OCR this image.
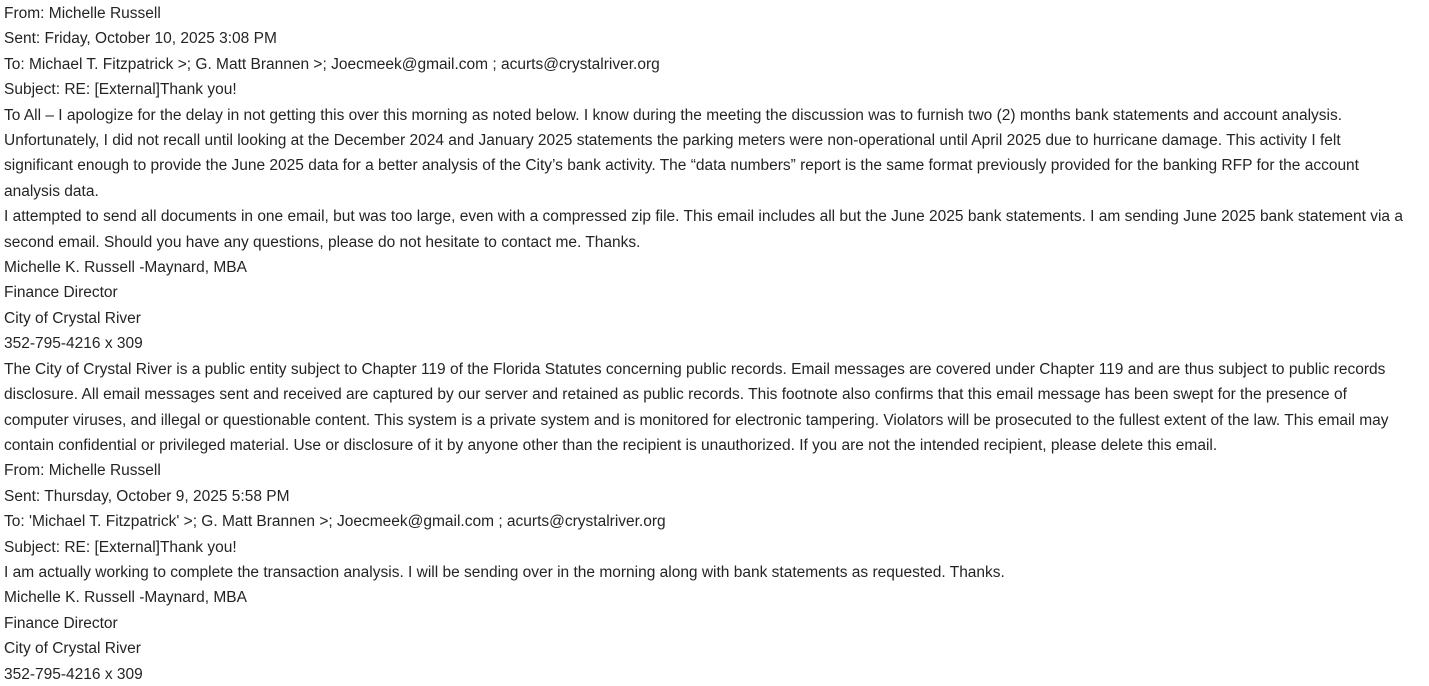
From: Michelle Russell

Sent: Friday, October 10, 2025 3:08 PM

To: Michael T. Fitzpatrick >; G. Matt Brannen >; Joecmeek@gmail.com ; acurts@crystalriver.org

Subject: RE: [External]Thank you!

To All – I apologize for the delay in not getting this over this morning as noted below. I know during the meeting the discussion was to furnish two (2) months bank statements and account analysis. Unfortunately, I did not recall until looking at the December 2024 and January 2025 statements the parking meters were non-operational until April 2025 due to hurricane damage. This activity I felt significant enough to provide the June 2025 data for a better analysis of the City’s bank activity. The “data numbers” report is the same format previously provided for the banking RFP for the account analysis data.

I attempted to send all documents in one email, but was too large, even with a compressed zip file. This email includes all but the June 2025 bank statements. I am sending June 2025 bank statement via a second email. Should you have any questions, please do not hesitate to contact me. Thanks.

Michelle K. Russell -Maynard, MBA

Finance Director

City of Crystal River

352-795-4216 x 309

The City of Crystal River is a public entity subject to Chapter 119 of the Florida Statutes concerning public records. Email messages are covered under Chapter 119 and are thus subject to public records disclosure. All email messages sent and received are captured by our server and retained as public records. This footnote also confirms that this email message has been swept for the presence of computer viruses, and illegal or questionable content. This system is a private system and is monitored for electronic tampering. Violators will be prosecuted to the fullest extent of the law. This email may contain confidential or privileged material. Use or disclosure of it by anyone other than the recipient is unauthorized. If you are not the intended recipient, please delete this email.

From: Michelle Russell

Sent: Thursday, October 9, 2025 5:58 PM

To: 'Michael T. Fitzpatrick' >; G. Matt Brannen >; Joecmeek@gmail.com ; acurts@crystalriver.org

Subject: RE: [External]Thank you!

I am actually working to complete the transaction analysis. I will be sending over in the morning along with bank statements as requested. Thanks.

Michelle K. Russell -Maynard, MBA

Finance Director

City of Crystal River

352-795-4216 x 309
